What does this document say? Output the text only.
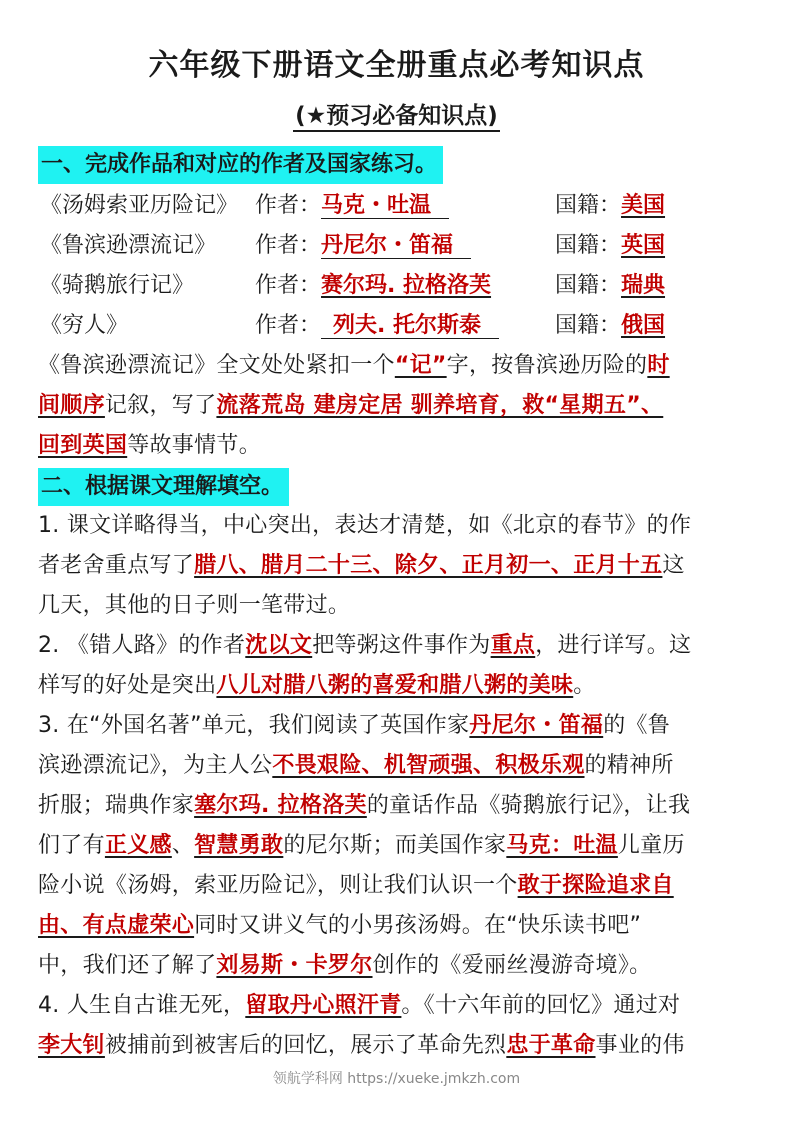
六年级下册语文全册重点必考知识点
(★预习必备知识点)
一、完成作品和对应的作者及国家练习。
《汤姆索亚历险记》 作者：马克・吐温	国籍：美国
《鲁滨逊漂流记》 作者：丹尼尔・笛福	国籍：英国
《骑鹅旅行记》	作者：赛尔玛. 拉格洛芙	国籍：瑞典
《穷人》	作者： 列夫. 托尔斯泰	国籍：俄国
《鲁滨逊漂流记》全文处处紧扣一个“记”字，按鲁滨逊历险的时
间顺序记叙，写了流落荒岛 建房定居 驯养培育，救“星期五”、
回到英国等故事情节。
二、根据课文理解填空。
1. 课文详略得当，中心突出，表达才清楚，如《北京的春节》的作
者老舍重点写了腊八、腊月二十三、除夕、正月初一、正月十五这
几天，其他的日子则一笔带过。
2. 《错人路》的作者沈以文把等粥这件事作为重点，进行详写。这
样写的好处是突出八儿对腊八粥的喜爱和腊八粥的美味。
3. 在“外国名著”单元，我们阅读了英国作家丹尼尔・笛福的《鲁
滨逊漂流记》，为主人公不畏艰险、机智顽强、积极乐观的精神所
折服；瑞典作家塞尔玛. 拉格洛芙的童话作品《骑鹅旅行记》，让我
们了有正义感、智慧勇敢的尼尔斯；而美国作家马克：吐温儿童历
险小说《汤姆，索亚历险记》，则让我们认识一个敢于探险追求自
由、有点虚荣心同时又讲义气的小男孩汤姆。在“快乐读书吧”
中，我们还了解了刘易斯・卡罗尔创作的《爱丽丝漫游奇境》。
4. 人生自古谁无死，留取丹心照汗青。《十六年前的回忆》通过对
李大钊被捕前到被害后的回忆，展示了革命先烈忠于革命事业的伟
领航学科网 https://xueke.jmkzh.com
